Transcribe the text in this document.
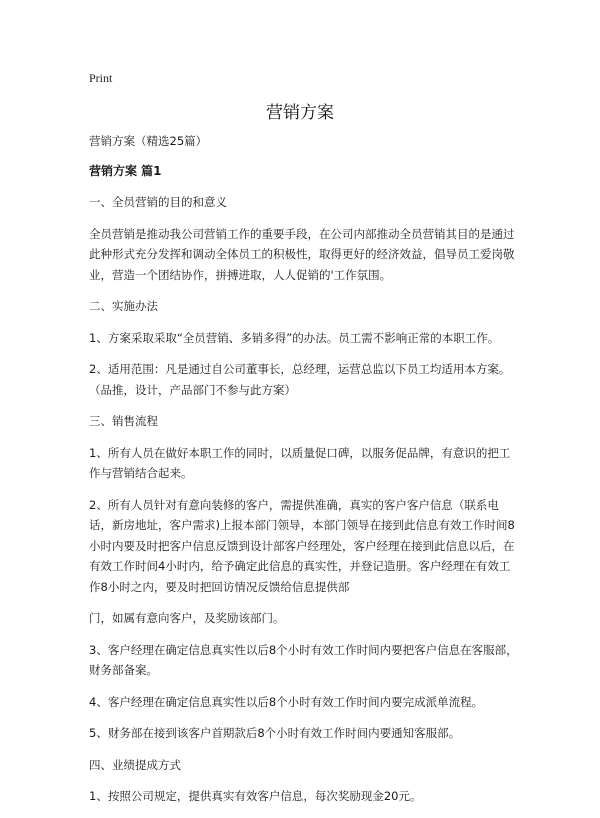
Print
营销方案

营销方案（精选25篇）

营销方案 篇1

一、全员营销的目的和意义

全员营销是推动我公司营销工作的重要手段，在公司内部推动全员营销其目的是通过此种形式充分发挥和调动全体员工的积极性，取得更好的经济效益，倡导员工爱岗敬业，营造一个团结协作，拼搏进取，人人促销的'工作氛围。

二、实施办法

1、方案采取采取“全员营销、多销多得”的办法。员工需不影响正常的本职工作。

2、适用范围：凡是通过自公司董事长，总经理，运营总监以下员工均适用本方案。（品推，设计，产品部门不参与此方案）

三、销售流程

1、所有人员在做好本职工作的同时，以质量促口碑，以服务促品牌，有意识的把工作与营销结合起来。

2、所有人员针对有意向装修的客户，需提供准确，真实的客户客户信息（联系电话，新房地址，客户需求)上报本部门领导，本部门领导在接到此信息有效工作时间8小时内要及时把客户信息反馈到设计部客户经理处，客户经理在接到此信息以后，在有效工作时间4小时内，给予确定此信息的真实性，并登记造册。客户经理在有效工作8小时之内，要及时把回访情况反馈给信息提供部

门，如属有意向客户，及奖励该部门。

3、客户经理在确定信息真实性以后8个小时有效工作时间内要把客户信息在客服部，财务部备案。

4、客户经理在确定信息真实性以后8个小时有效工作时间内要完成派单流程。

5、财务部在接到该客户首期款后8个小时有效工作时间内要通知客服部。

四、业绩提成方式

1、按照公司规定，提供真实有效客户信息，每次奖励现金20元。
